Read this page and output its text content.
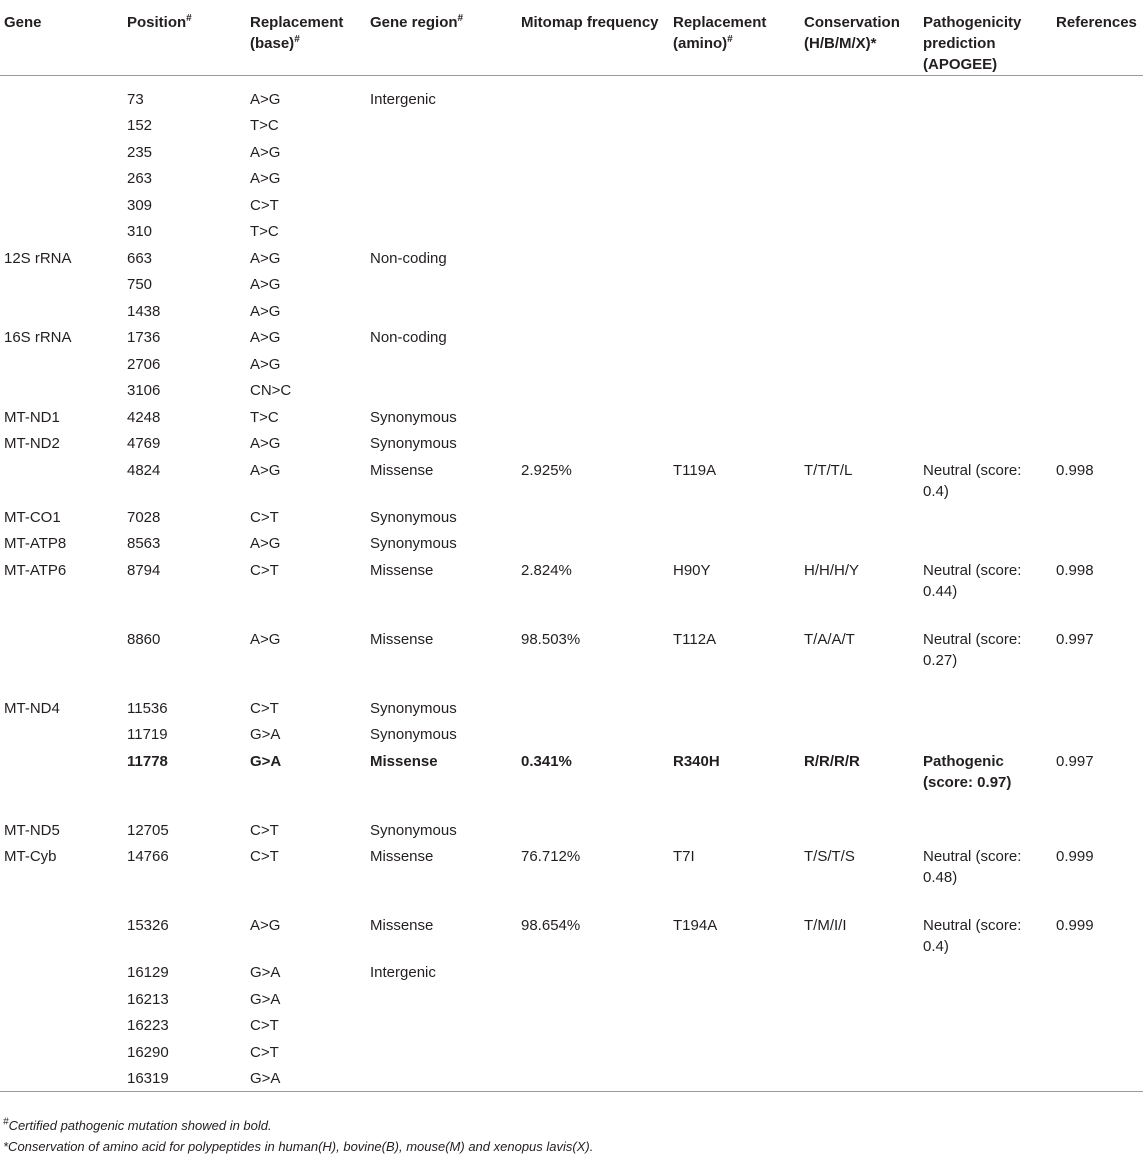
Gene	Position#	Replacement (base)#	Gene region#	Mitomap frequency	Replacement (amino)#	Conservation (H/B/M/X)*	Pathogenicity prediction (APOGEE)	References

	73	A>G	Intergenic					
	152	T>C						
	235	A>G						
	263	A>G						
	309	C>T						
	310	T>C						
12S rRNA	663	A>G	Non-coding					
	750	A>G						
	1438	A>G						
16S rRNA	1736	A>G	Non-coding					
	2706	A>G						
	3106	CN>C						
MT-ND1	4248	T>C	Synonymous					
MT-ND2	4769	A>G	Synonymous					
	4824	A>G	Missense	2.925%	T119A	T/T/T/L	Neutral (score: 0.4)	0.998
MT-CO1	7028	C>T	Synonymous					
MT-ATP8	8563	A>G	Synonymous					
MT-ATP6	8794	C>T	Missense	2.824%	H90Y	H/H/H/Y	Neutral (score: 0.44)	0.998
	8860	A>G	Missense	98.503%	T112A	T/A/A/T	Neutral (score: 0.27)	0.997
MT-ND4	11536	C>T	Synonymous					
	11719	G>A	Synonymous					
	11778	G>A	Missense	0.341%	R340H	R/R/R/R	Pathogenic (score: 0.97)	0.997
MT-ND5	12705	C>T	Synonymous					
MT-Cyb	14766	C>T	Missense	76.712%	T7I	T/S/T/S	Neutral (score: 0.48)	0.999
	15326	A>G	Missense	98.654%	T194A	T/M/I/I	Neutral (score: 0.4)	0.999
	16129	G>A	Intergenic					
	16213	G>A						
	16223	C>T						
	16290	C>T						
	16319	G>A						
#Certified pathogenic mutation showed in bold.
*Conservation of amino acid for polypeptides in human(H), bovine(B), mouse(M) and xenopus lavis(X).
